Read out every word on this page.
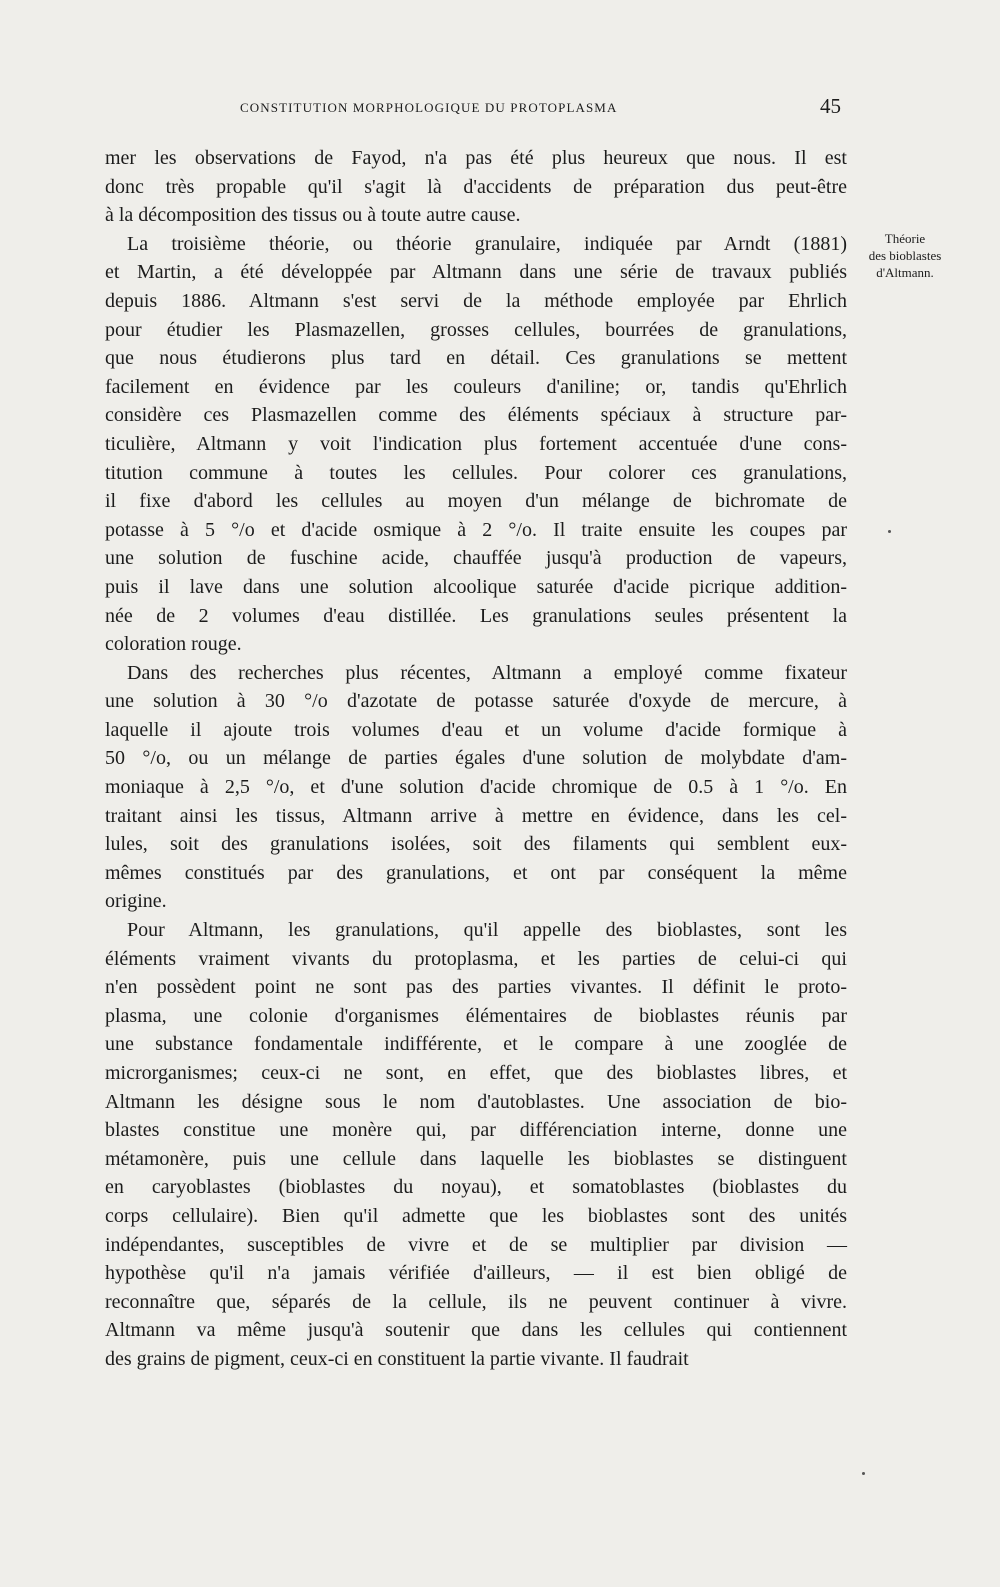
CONSTITUTION MORPHOLOGIQUE DU PROTOPLASMA	45
Théorie
des bioblastes
d'Altmann.
mer les observations de Fayod, n'a pas été plus heureux que nous. Il est
donc très propable qu'il s'agit là d'accidents de préparation dus peut-être
à la décomposition des tissus ou à toute autre cause.
La troisième théorie, ou théorie granulaire, indiquée par Arndt (1881)
et Martin, a été développée par Altmann dans une série de travaux publiés
depuis 1886. Altmann s'est servi de la méthode employée par Ehrlich
pour étudier les Plasmazellen, grosses cellules, bourrées de granulations,
que nous étudierons plus tard en détail. Ces granulations se mettent
facilement en évidence par les couleurs d'aniline; or, tandis qu'Ehrlich
considère ces Plasmazellen comme des éléments spéciaux à structure par-
ticulière, Altmann y voit l'indication plus fortement accentuée d'une cons-
titution commune à toutes les cellules. Pour colorer ces granulations,
il fixe d'abord les cellules au moyen d'un mélange de bichromate de
potasse à 5 °/o et d'acide osmique à 2 °/o. Il traite ensuite les coupes par
une solution de fuschine acide, chauffée jusqu'à production de vapeurs,
puis il lave dans une solution alcoolique saturée d'acide picrique addition-
née de 2 volumes d'eau distillée. Les granulations seules présentent la
coloration rouge.
Dans des recherches plus récentes, Altmann a employé comme fixateur
une solution à 30 °/o d'azotate de potasse saturée d'oxyde de mercure, à
laquelle il ajoute trois volumes d'eau et un volume d'acide formique à
50 °/o, ou un mélange de parties égales d'une solution de molybdate d'am-
moniaque à 2,5 °/o, et d'une solution d'acide chromique de 0.5 à 1 °/o. En
traitant ainsi les tissus, Altmann arrive à mettre en évidence, dans les cel-
lules, soit des granulations isolées, soit des filaments qui semblent eux-
mêmes constitués par des granulations, et ont par conséquent la même
origine.
Pour Altmann, les granulations, qu'il appelle des bioblastes, sont les
éléments vraiment vivants du protoplasma, et les parties de celui-ci qui
n'en possèdent point ne sont pas des parties vivantes. Il définit le proto-
plasma, une colonie d'organismes élémentaires de bioblastes réunis par
une substance fondamentale indifférente, et le compare à une zooglée de
microrganismes; ceux-ci ne sont, en effet, que des bioblastes libres, et
Altmann les désigne sous le nom d'autoblastes. Une association de bio-
blastes constitue une monère qui, par différenciation interne, donne une
métamonère, puis une cellule dans laquelle les bioblastes se distinguent
en caryoblastes (bioblastes du noyau), et somatoblastes (bioblastes du
corps cellulaire). Bien qu'il admette que les bioblastes sont des unités
indépendantes, susceptibles de vivre et de se multiplier par division —
hypothèse qu'il n'a jamais vérifiée d'ailleurs, — il est bien obligé de
reconnaître que, séparés de la cellule, ils ne peuvent continuer à vivre.
Altmann va même jusqu'à soutenir que dans les cellules qui contiennent
des grains de pigment, ceux-ci en constituent la partie vivante. Il faudrait
